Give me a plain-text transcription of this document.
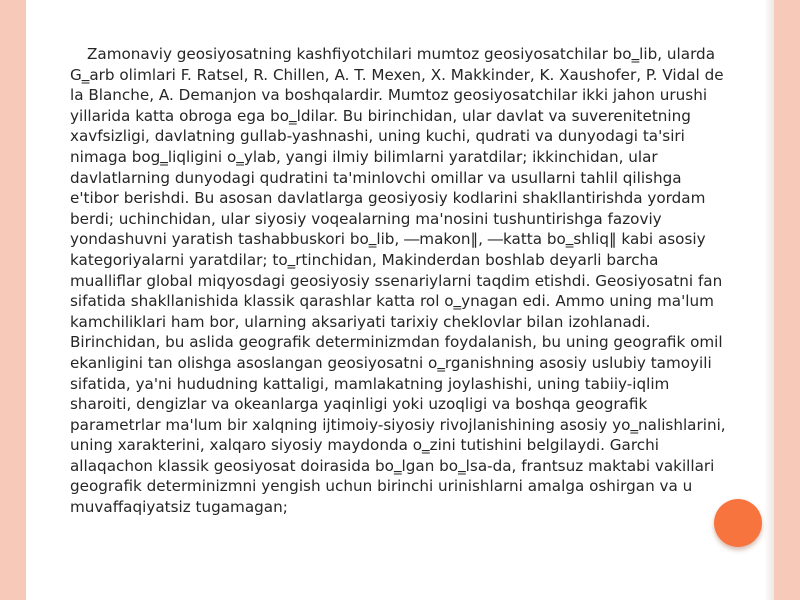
Zamonaviy geosiyosatning kashfiyotchilari mumtoz geosiyosatchilar bo‗lib, ularda G‗arb olimlari F. Ratsel, R. Chillen, A. T. Mexen, X. Makkinder, K. Xaushofer, P. Vidal de la Blanche, A. Demanjon va boshqalardir. Mumtoz geosiyosatchilar ikki jahon urushi yillarida katta obroga ega bo‗ldilar. Bu birinchidan, ular davlat va suverenitetning xavfsizligi, davlatning gullab-yashnashi, uning kuchi, qudrati va dunyodagi ta'siri nimaga bog‗liqligini o‗ylab, yangi ilmiy bilimlarni yaratdilar; ikkinchidan, ular davlatlarning dunyodagi qudratini ta'minlovchi omillar va usullarni tahlil qilishga e'tibor berishdi. Bu asosan davlatlarga geosiyosiy kodlarini shakllantirishda yordam berdi; uchinchidan, ular siyosiy voqealarning ma'nosini tushuntirishga fazoviy yondashuvni yaratish tashabbuskori bo‗lib, ―makon‖, ―katta bo‗shliq‖ kabi asosiy kategoriyalarni yaratdilar; to‗rtinchidan, Makinderdan boshlab deyarli barcha mualliflar global miqyosdagi geosiyosiy ssenariylarni taqdim etishdi. Geosiyosatni fan sifatida shakllanishida klassik qarashlar katta rol o‗ynagan edi. Ammo uning ma'lum kamchiliklari ham bor, ularning aksariyati tarixiy cheklovlar bilan izohlanadi. Birinchidan, bu aslida geografik determinizmdan foydalanish, bu uning geografik omil ekanligini tan olishga asoslangan geosiyosatni o‗rganishning asosiy uslubiy tamoyili sifatida, ya'ni hududning kattaligi, mamlakatning joylashishi, uning tabiiy-iqlim sharoiti, dengizlar va okeanlarga yaqinligi yoki uzoqligi va boshqa geografik parametrlar ma'lum bir xalqning ijtimoiy-siyosiy rivojlanishining asosiy yo‗nalishlarini, uning xarakterini, xalqaro siyosiy maydonda o‗zini tutishini belgilaydi. Garchi allaqachon klassik geosiyosat doirasida bo‗lgan bo‗lsa-da, frantsuz maktabi vakillari geografik determinizmni yengish uchun birinchi urinishlarni amalga oshirgan va u muvaffaqiyatsiz tugamagan;
